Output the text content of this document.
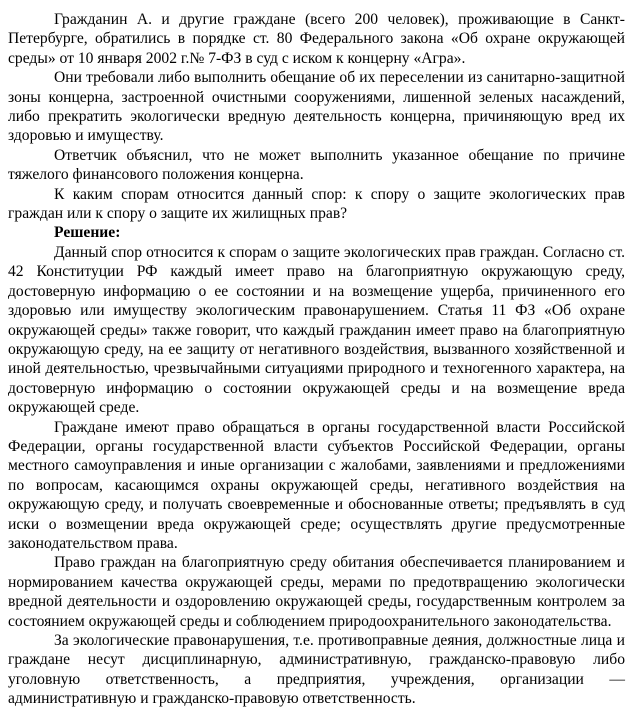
Гражданин А. и другие граждане (всего 200 человек), проживающие в Санкт-Петербурге, обратились в порядке ст. 80 Федерального закона «Об охране окружающей среды» от 10 января 2002 г.№ 7-ФЗ в суд с иском к концерну «Агра».

Они требовали либо выполнить обещание об их переселении из санитарно-защитной зоны концерна, застроенной очистными сооружениями, лишенной зеленых насаждений, либо прекратить экологически вредную деятельность концерна, причиняющую вред их здоровью и имуществу.

Ответчик объяснил, что не может выполнить указанное обещание по причине тяжелого финансового положения концерна.

К каким спорам относится данный спор: к спору о защите экологических прав граждан или к спору о защите их жилищных прав?

Решение:

Данный спор относится к спорам о защите экологических прав граждан. Согласно ст. 42 Конституции РФ каждый имеет право на благоприятную окружающую среду, достоверную информацию о ее состоянии и на возмещение ущерба, причиненного его здоровью или имуществу экологическим правонарушением. Статья 11 ФЗ «Об охране окружающей среды» также говорит, что каждый гражданин имеет право на благоприятную окружающую среду, на ее защиту от негативного воздействия, вызванного хозяйственной и иной деятельностью, чрезвычайными ситуациями природного и техногенного характера, на достоверную информацию о состоянии окружающей среды и на возмещение вреда окружающей среде.

Граждане имеют право обращаться в органы государственной власти Российской Федерации, органы государственной власти субъектов Российской Федерации, органы местного самоуправления и иные организации с жалобами, заявлениями и предложениями по вопросам, касающимся охраны окружающей среды, негативного воздействия на окружающую среду, и получать своевременные и обоснованные ответы; предъявлять в суд иски о возмещении вреда окружающей среде; осуществлять другие предусмотренные законодательством права.

Право граждан на благоприятную среду обитания обеспечивается планированием и нормированием качества окружающей среды, мерами по предотвращению экологически вредной деятельности и оздоровлению окружающей среды, государственным контролем за состоянием окружающей среды и соблюдением природоохранительного законодательства.

За экологические правонарушения, т.е. противоправные деяния, должностные лица и граждане несут дисциплинарную, административную, гражданско-правовую либо уголовную ответственность, а предприятия, учреждения, организации — административную и гражданско-правовую ответственность.
